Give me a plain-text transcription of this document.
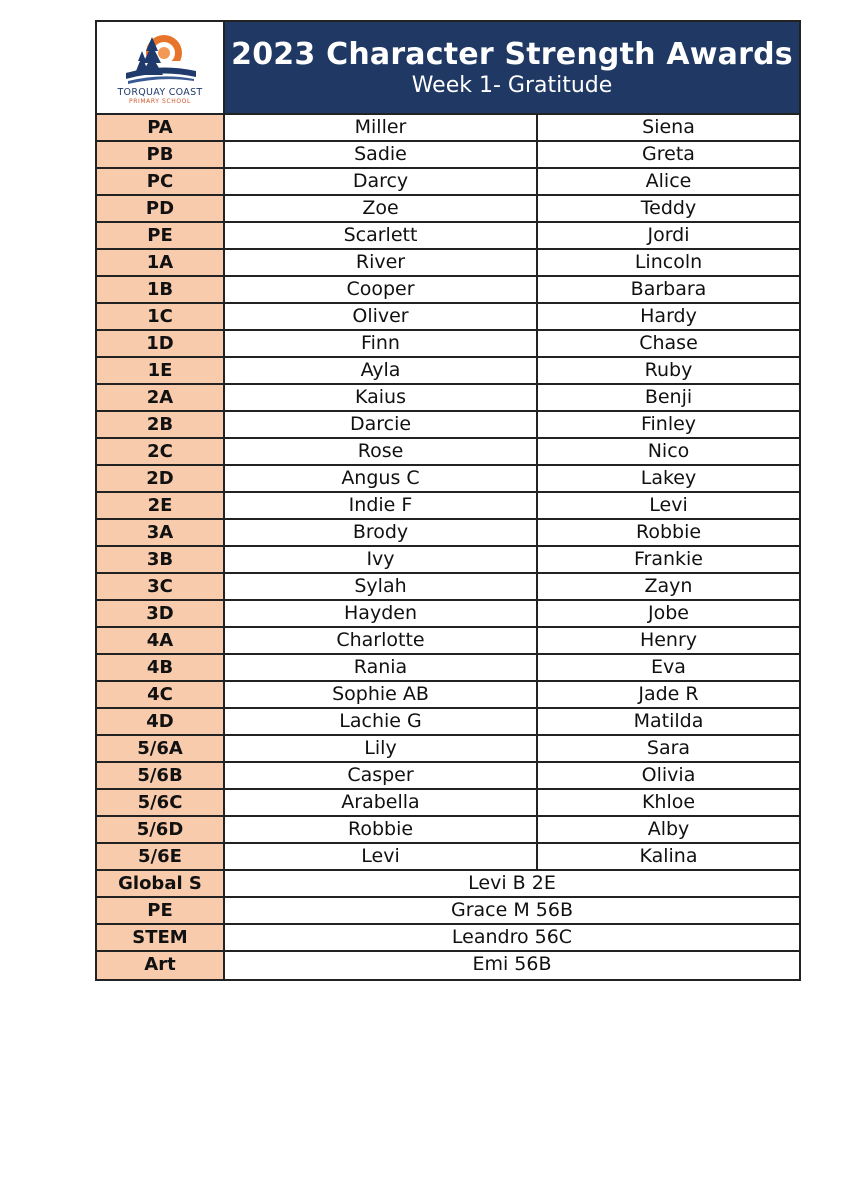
TORQUAY COAST
PRIMARY SCHOOL
2023 Character Strength Awards
Week 1- Gratitude
PA	Miller	Siena
PB	Sadie	Greta
PC	Darcy	Alice
PD	Zoe	Teddy
PE	Scarlett	Jordi
1A	River	Lincoln
1B	Cooper	Barbara
1C	Oliver	Hardy
1D	Finn	Chase
1E	Ayla	Ruby
2A	Kaius	Benji
2B	Darcie	Finley
2C	Rose	Nico
2D	Angus C	Lakey
2E	Indie F	Levi
3A	Brody	Robbie
3B	Ivy	Frankie
3C	Sylah	Zayn
3D	Hayden	Jobe
4A	Charlotte	Henry
4B	Rania	Eva
4C	Sophie AB	Jade R
4D	Lachie G	Matilda
5/6A	Lily	Sara
5/6B	Casper	Olivia
5/6C	Arabella	Khloe
5/6D	Robbie	Alby
5/6E	Levi	Kalina
Global S	Levi B 2E
PE	Grace M 56B
STEM	Leandro 56C
Art	Emi 56B
